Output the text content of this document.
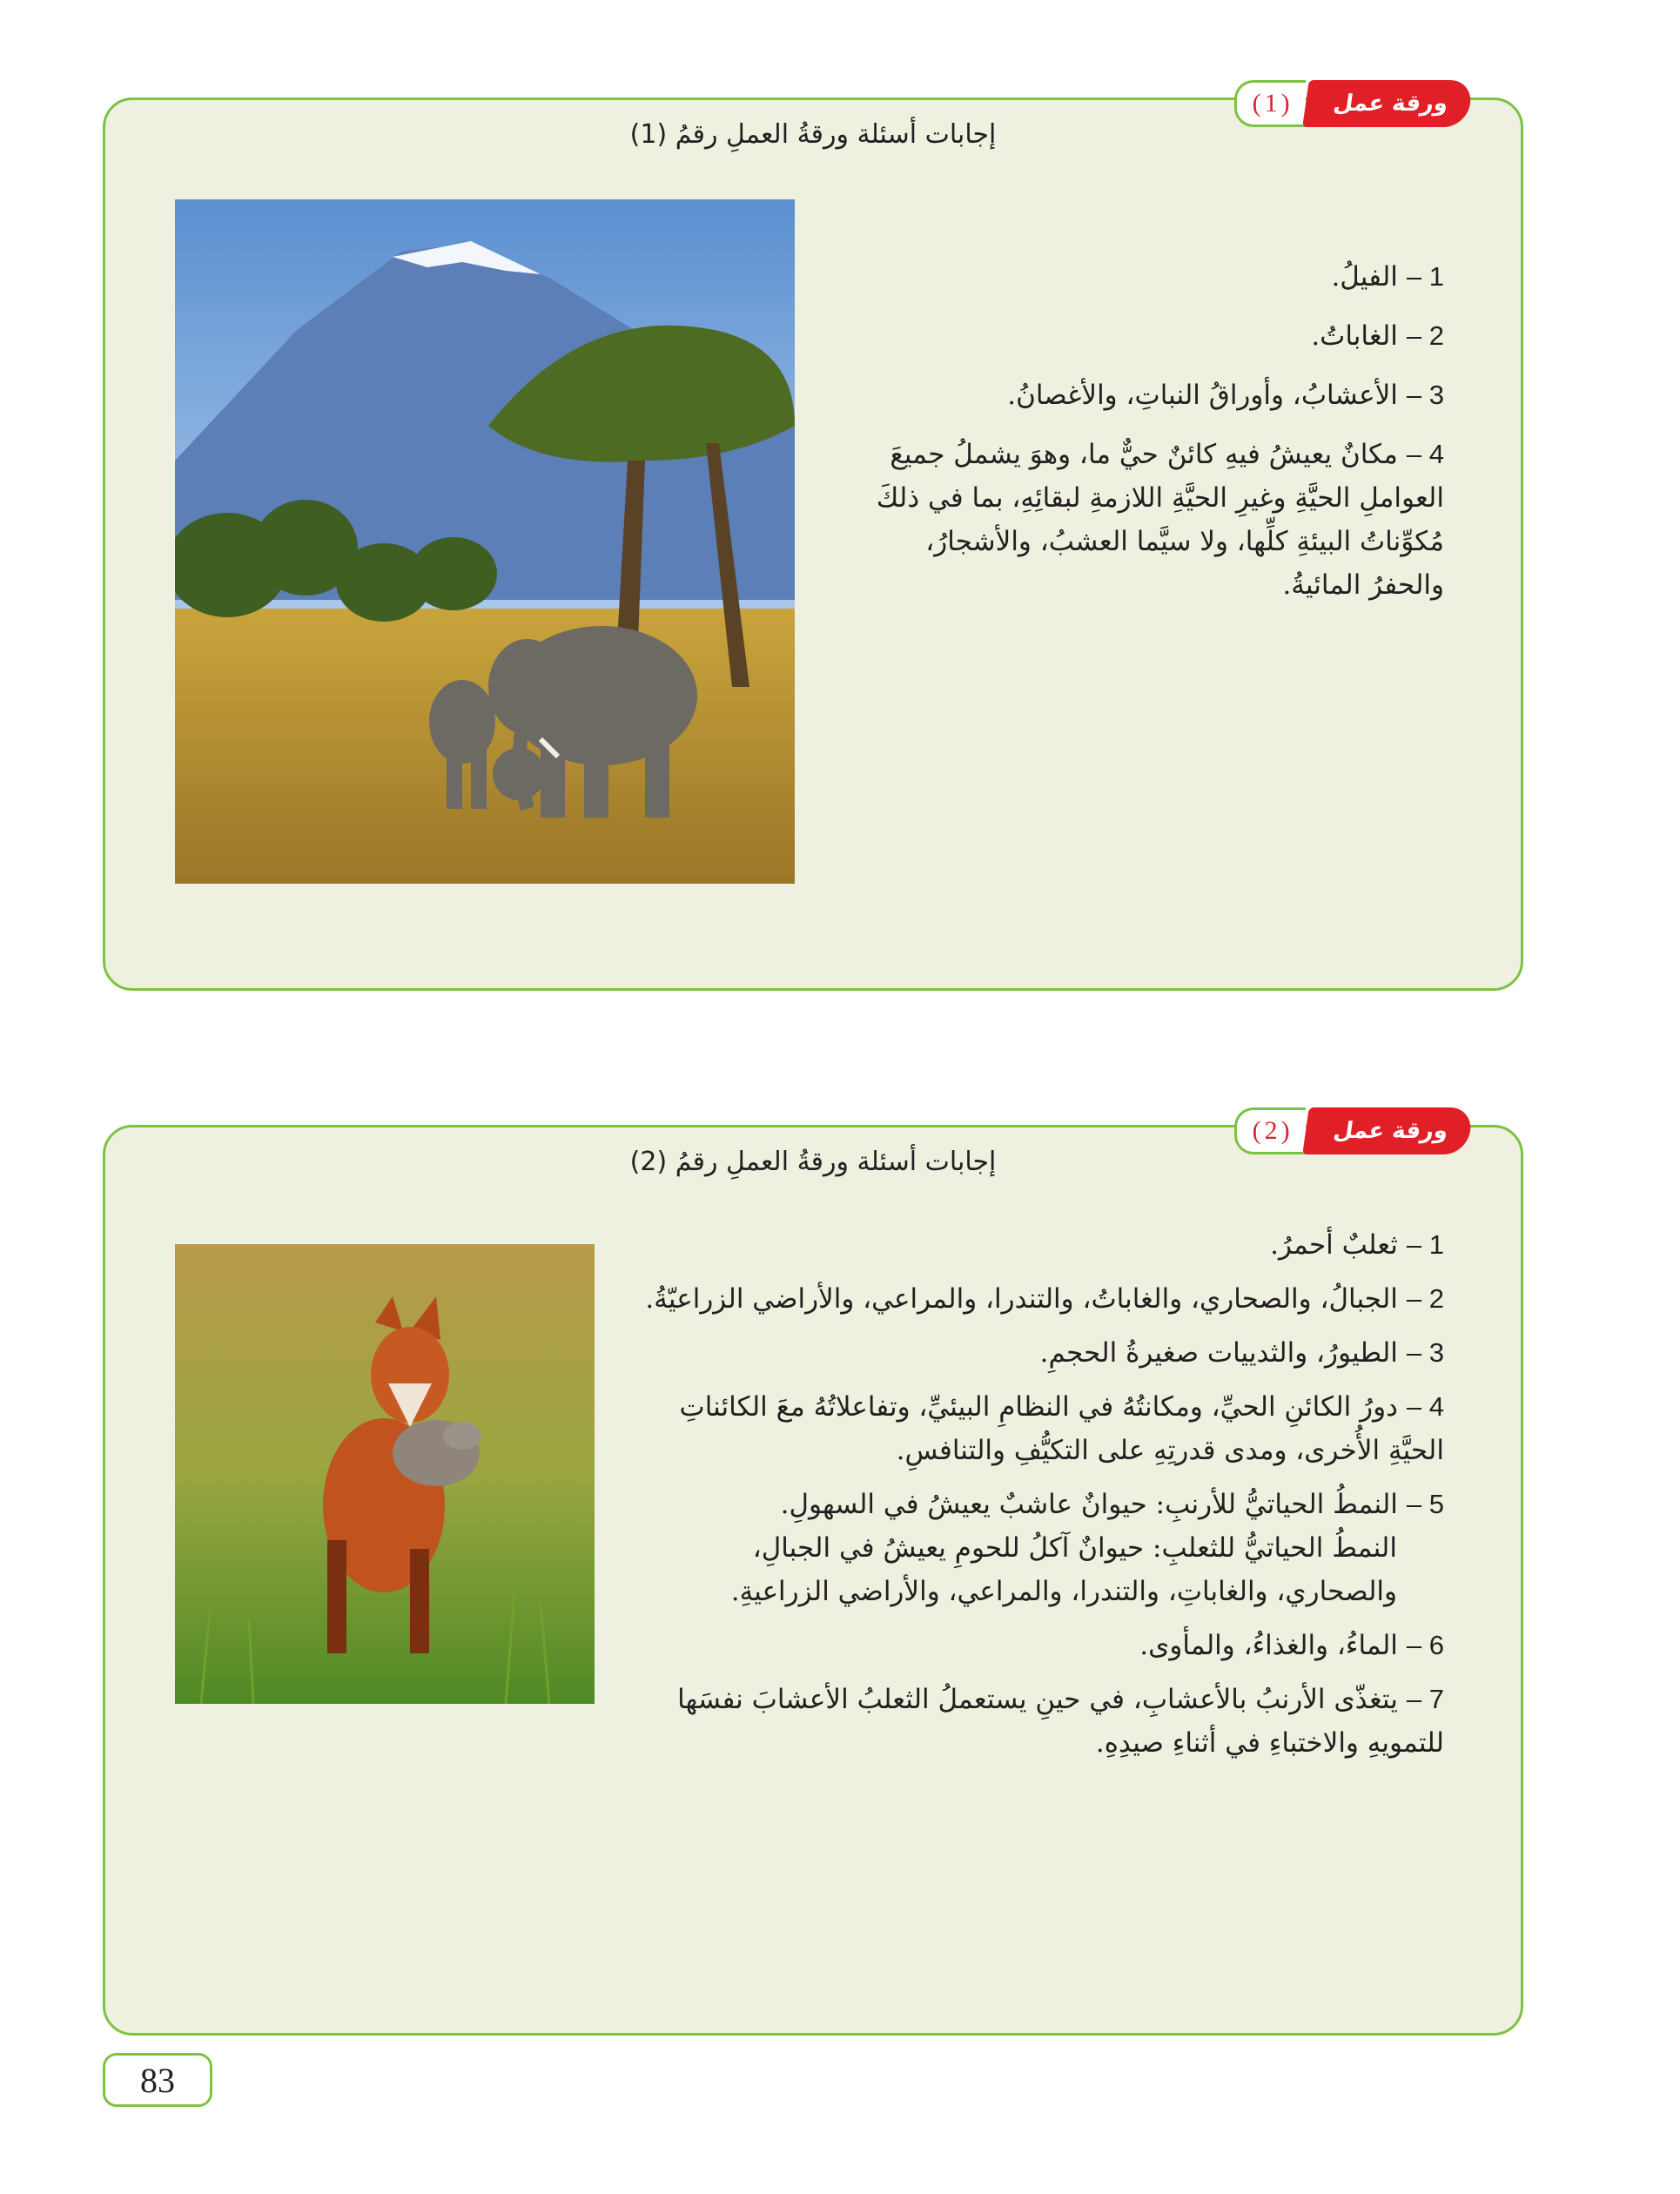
( 1 )	ورقة عمل
إجابات أسئلة ورقةُ العملِ رقمُ (1)
1 –الفيلُ.
2 –الغاباتُ.
3 –الأعشابُ، وأوراقُ النباتِ، والأغصانُ.
4 –مكانٌ يعيشُ فيهِ كائنٌ حيٌّ ما، وهوَ يشملُ جميعَ العواملِ الحيَّةِ وغيرِ الحيَّةِ اللازمةِ لبقائِهِ، بما في ذلكَ مُكوِّناتُ البيئةِ كلِّها، ولا سيَّما العشبُ، والأشجارُ، والحفرُ المائيةُ.
( 2 )	ورقة عمل
إجابات أسئلة ورقةُ العملِ رقمُ (2)
1 –ثعلبٌ أحمرُ.
2 –الجبالُ، والصحاري، والغاباتُ، والتندرا، والمراعي، والأراضي الزراعيّةُ.
3 –الطيورُ، والثدييات صغيرةُ الحجمِ.
4 –دورُ الكائنِ الحيِّ، ومكانتُهُ في النظامِ البيئيِّ، وتفاعلاتُهُ معَ الكائناتِ الحيَّةِ الأُخرى، ومدى قدرتِهِ على التكيُّفِ والتنافسِ.
5 –النمطُ الحياتيُّ للأرنبِ: حيوانٌ عاشبٌ يعيشُ في السهولِ.
النمطُ الحياتيُّ للثعلبِ: حيوانٌ آكلُ للحومِ يعيشُ في الجبالِ، والصحاري، والغاباتِ، والتندرا، والمراعي، والأراضي الزراعيةِ.
6 –الماءُ، والغذاءُ، والمأوى.
7 –يتغذّى الأرنبُ بالأعشابِ، في حينِ يستعملُ الثعلبُ الأعشابَ نفسَها للتمويهِ والاختباءِ في أثناءِ صيدِهِ.
83
